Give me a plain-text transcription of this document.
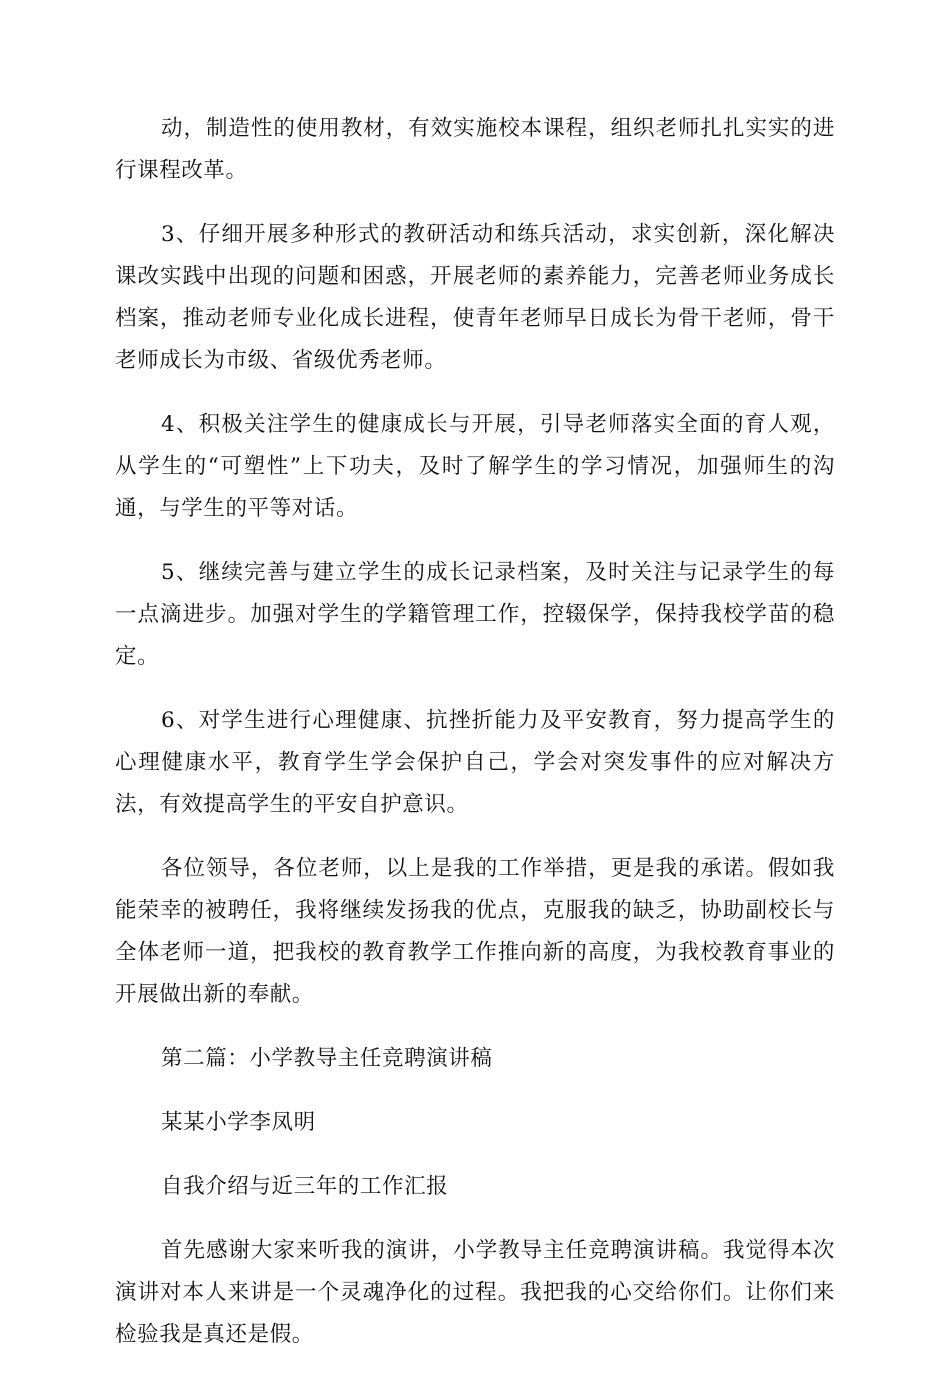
动，制造性的使用教材，有效实施校本课程，组织老师扎扎实实的进行课程改革。

3、仔细开展多种形式的教研活动和练兵活动，求实创新，深化解决课改实践中出现的问题和困惑，开展老师的素养能力，完善老师业务成长档案，推动老师专业化成长进程，使青年老师早日成长为骨干老师，骨干老师成长为市级、省级优秀老师。

4、积极关注学生的健康成长与开展，引导老师落实全面的育人观，从学生的“可塑性”上下功夫，及时了解学生的学习情况，加强师生的沟通，与学生的平等对话。

5、继续完善与建立学生的成长记录档案，及时关注与记录学生的每一点滴进步。加强对学生的学籍管理工作，控辍保学，保持我校学苗的稳定。

6、对学生进行心理健康、抗挫折能力及平安教育，努力提高学生的心理健康水平，教育学生学会保护自己，学会对突发事件的应对解决方法，有效提高学生的平安自护意识。

各位领导，各位老师，以上是我的工作举措，更是我的承诺。假如我能荣幸的被聘任，我将继续发扬我的优点，克服我的缺乏，协助副校长与全体老师一道，把我校的教育教学工作推向新的高度，为我校教育事业的开展做出新的奉献。

第二篇：小学教导主任竞聘演讲稿

某某小学李凤明

自我介绍与近三年的工作汇报

首先感谢大家来听我的演讲，小学教导主任竞聘演讲稿。我觉得本次演讲对本人来讲是一个灵魂净化的过程。我把我的心交给你们。让你们来检验我是真还是假。
